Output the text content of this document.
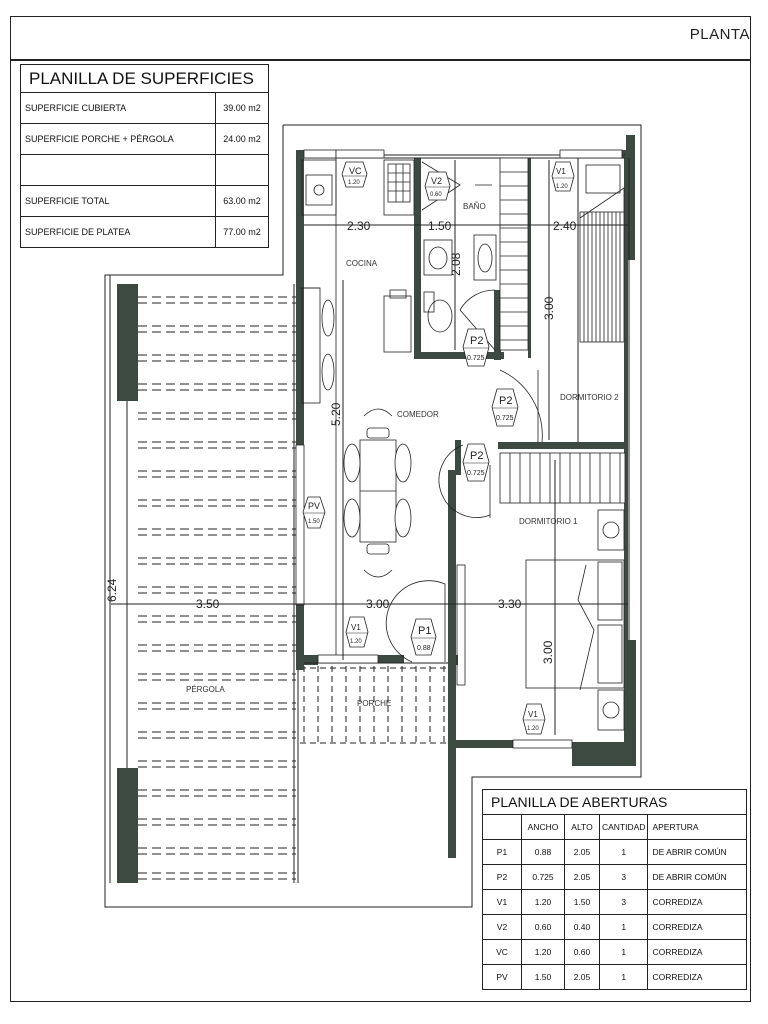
PLANTA
2.30	1.50	2.40
2.08
3.00
5.20
6.24
3.50	3.00	3.30
3.00
COCINA
BAÑO
COMEDOR
DORMITORIO 2
DORMITORIO 1
PÉRGOLA
PORCHE
VC
1.20	V2
0.60
V1
1.20
P2
0.725
P2
0.725
P2
0.725
PV
1.50
V1
1.20
P1
0.88
V1
1.20
PLANILLA DE SUPERFICIES	
SUPERFICIE CUBIERTA	39.00 m2
SUPERFICIE PORCHE + PÉRGOLA	24.00 m2

SUPERFICIE TOTAL	63.00 m2
SUPERFICIE DE PLATEA	77.00 m2
PLANILLA DE ABERTURAS				
	ANCHO	ALTO	CANTIDAD	APERTURA
P1	0.88	2.05	1	DE ABRIR COMÚN
P2	0.725	2.05	3	DE ABRIR COMÚN
V1	1.20	1.50	3	CORREDIZA
V2	0.60	0.40	1	CORREDIZA
VC	1.20	0.60	1	CORREDIZA
PV	1.50	2.05	1	CORREDIZA
